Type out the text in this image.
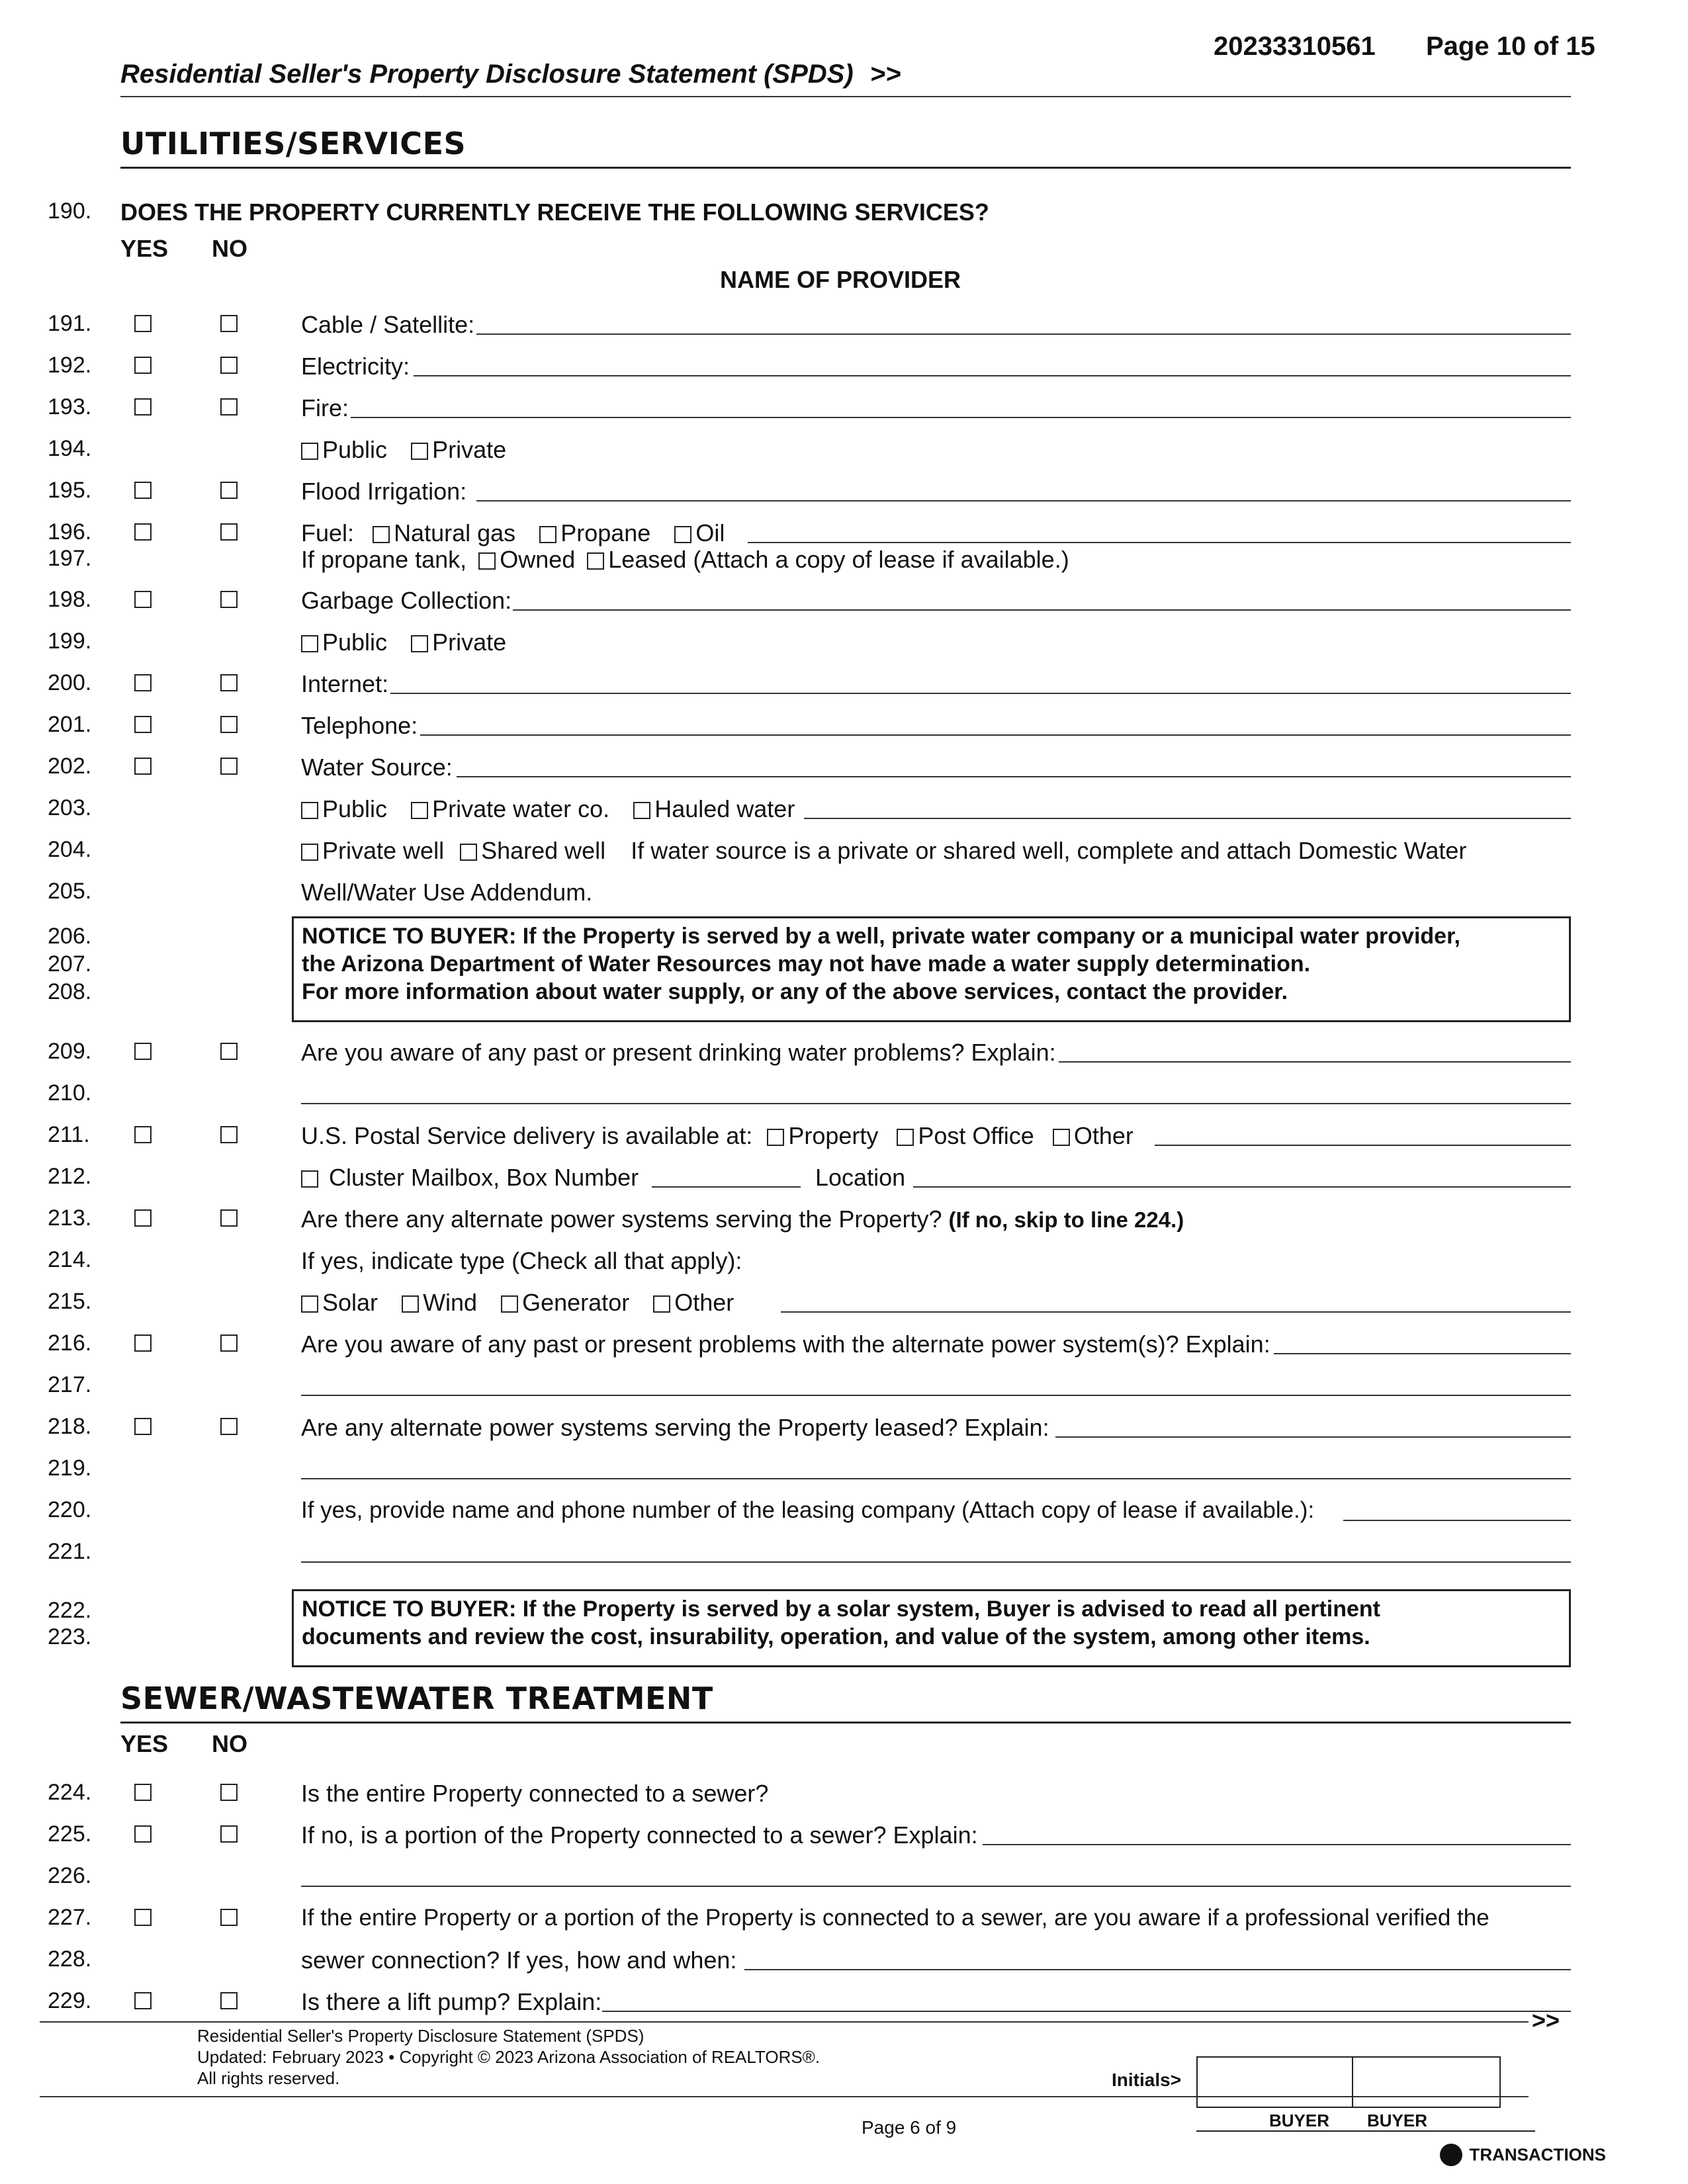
20233310561 Page 10 of 15
Residential Seller's Property Disclosure Statement (SPDS) >>
UTILITIES/SERVICES
190. DOES THE PROPERTY CURRENTLY RECEIVE THE FOLLOWING SERVICES?
YES NO
NAME OF PROVIDER
191.	Cable / Satellite:
192.	Electricity:
193.	Fire:
194.	Public Private
195.	Flood Irrigation:
196.	Fuel: Natural gas Propane Oil
197.	If propane tank, Owned Leased (Attach a copy of lease if available.)
198.	Garbage Collection:
199.	Public Private
200.	Internet:
201.	Telephone:
202.	Water Source:
203.	Public Private water co. Hauled water
204.	Private well Shared well If water source is a private or shared well, complete and attach Domestic Water
205.	Well/Water Use Addendum.
206.
207.
208.
NOTICE TO BUYER: If the Property is served by a well, private water company or a municipal water provider,
the Arizona Department of Water Resources may not have made a water supply determination.
For more information about water supply, or any of the above services, contact the provider.
209.	Are you aware of any past or present drinking water problems? Explain:
210.
211.	U.S. Postal Service delivery is available at: Property Post Office Other
212.	Cluster Mailbox, Box Number	Location
213.	Are there any alternate power systems serving the Property? (If no, skip to line 224.)
214.	If yes, indicate type (Check all that apply):
215.	Solar Wind Generator Other
216.	Are you aware of any past or present problems with the alternate power system(s)? Explain:
217.
218.	Are any alternate power systems serving the Property leased? Explain:
219.
220.	If yes, provide name and phone number of the leasing company (Attach copy of lease if available.):
221.
222.
223.
NOTICE TO BUYER: If the Property is served by a solar system, Buyer is advised to read all pertinent
documents and review the cost, insurability, operation, and value of the system, among other items.
SEWER/WASTEWATER TREATMENT
YES NO
224.	Is the entire Property connected to a sewer?
225.	If no, is a portion of the Property connected to a sewer? Explain:
226.
227.	If the entire Property or a portion of the Property is connected to a sewer, are you aware if a professional verified the
228.	sewer connection? If yes, how and when:
229.	Is there a lift pump? Explain:
>>
Residential Seller's Property Disclosure Statement (SPDS)
Updated: February 2023 • Copyright © 2023 Arizona Association of REALTORS®.
All rights reserved.	Initials>
BUYER BUYER
Page 6 of 9
TRANSACTIONS
